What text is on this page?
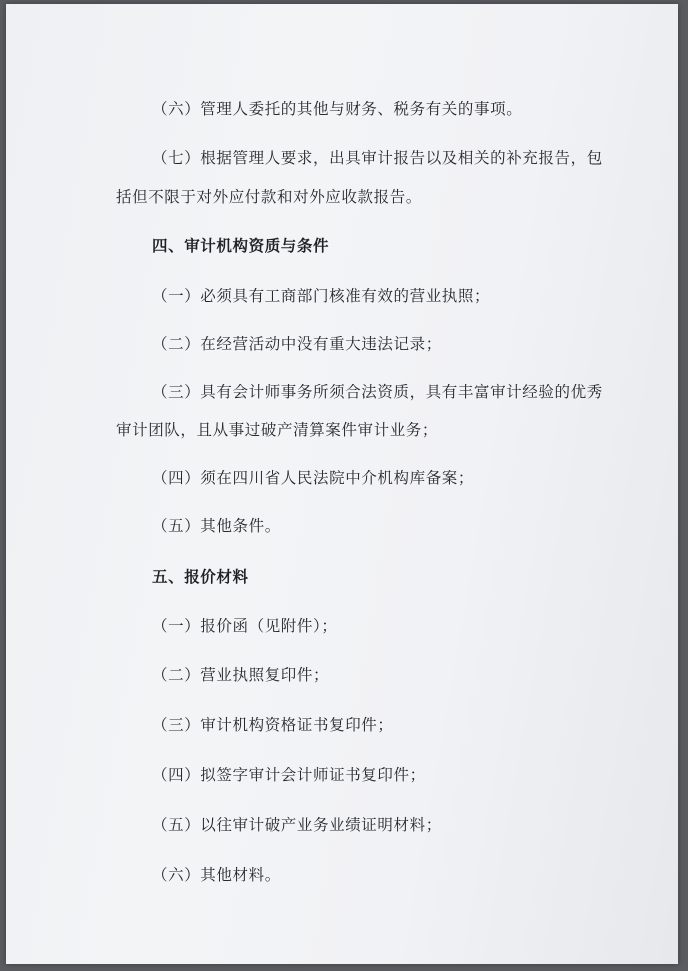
（六）管理人委托的其他与财务、税务有关的事项。
（七）根据管理人要求，出具审计报告以及相关的补充报告，包
括但不限于对外应付款和对外应收款报告。
四、审计机构资质与条件
（一）必须具有工商部门核准有效的营业执照；
（二）在经营活动中没有重大违法记录；
（三）具有会计师事务所须合法资质，具有丰富审计经验的优秀
审计团队，且从事过破产清算案件审计业务；
（四）须在四川省人民法院中介机构库备案；
（五）其他条件。
五、报价材料
（一）报价函（见附件）；
（二）营业执照复印件；
（三）审计机构资格证书复印件；
（四）拟签字审计会计师证书复印件；
（五）以往审计破产业务业绩证明材料；
（六）其他材料。
